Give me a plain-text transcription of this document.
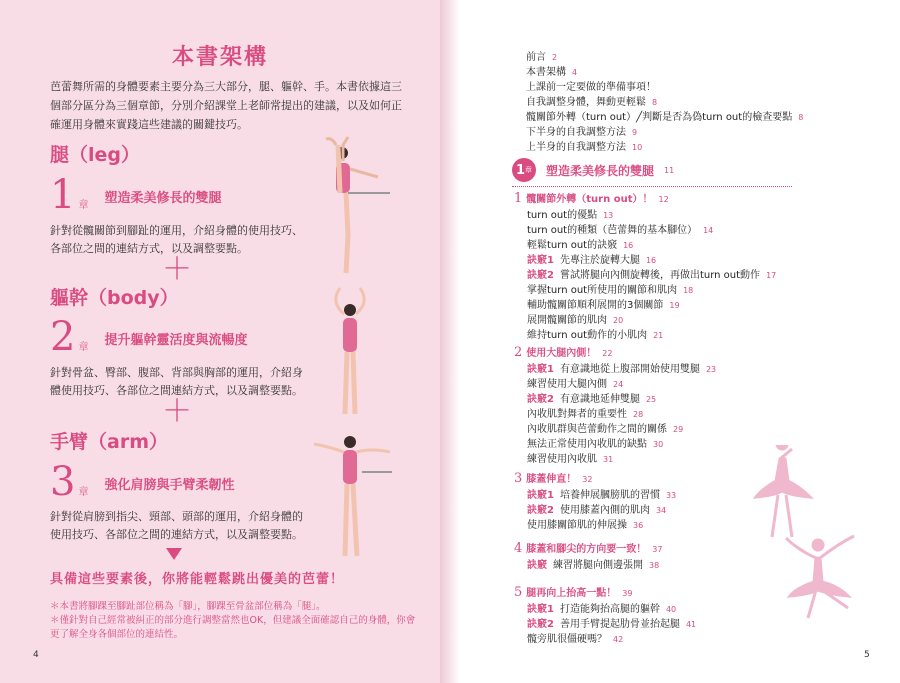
本書架構
芭蕾舞所需的身體要素主要分為三大部分，腿、軀幹、手。本書依據這三個部分區分為三個章節，分別介紹課堂上老師常提出的建議，以及如何正確運用身體來實踐這些建議的關鍵技巧。
腿（leg）
1 章 塑造柔美修長的雙腿
針對從髖關節到腳趾的運用，介紹身體的使用技巧、各部位之間的連結方式，以及調整要點。
＋
軀幹（body）
2 章 提升軀幹靈活度與流暢度
針對骨盆、臀部、腹部、背部與胸部的運用，介紹身體使用技巧、各部位之間連結方式，以及調整要點。
＋
手臂（arm）
3 章 強化肩膀與手臂柔韌性
針對從肩膀到指尖、頸部、頭部的運用，介紹身體的使用技巧、各部位之間的連結方式，以及調整要點。
具備這些要素後，你將能輕鬆跳出優美的芭蕾！
＊本書將腳踝至腳趾部位稱為「腳」，腳踝至骨盆部位稱為「腿」。
＊僅針對自己經常被糾正的部分進行調整當然也OK，但建議全面確認自己的身體，你會更了解全身各個部位的連結性。
4	5
前言 2
本書架構 4
上課前一定要做的準備事項！
自我調整身體，舞動更輕鬆 8
髖關節外轉（turn out）╱判斷是否為偽turn out的檢查要點 8
下半身的自我調整方法 9
上半身的自我調整方法 10
1 章 塑造柔美修長的雙腿 11
1 髖關節外轉（turn out）！ 12
turn out的優點 13
turn out的種類（芭蕾舞的基本腳位） 14
輕鬆turn out的訣竅 16
訣竅1 先專注於旋轉大腿 16
訣竅2 嘗試將腿向內側旋轉後，再做出turn out動作 17
掌握turn out所使用的關節和肌肉 18
輔助髖關節順利展開的3個關節 19
展開髖關節的肌肉 20
維持turn out動作的小肌肉 21
2 使用大腿內側！ 22
訣竅1 有意識地從上腹部開始使用雙腿 23
練習使用大腿內側 24
訣竅2 有意識地延伸雙腿 25
內收肌對舞者的重要性 28
內收肌群與芭蕾動作之間的關係 29
無法正常使用內收肌的缺點 30
練習使用內收肌 31
3 膝蓋伸直！ 32
訣竅1 培養伸展膕膀肌的習慣 33
訣竅2 使用膝蓋內側的肌肉 34
使用膝關節肌的伸展操 36
4 膝蓋和腳尖的方向要一致！ 37
訣竅 練習將腿向側邊張開 38
5 腿再向上抬高一點！ 39
訣竅1 打造能夠抬高腿的軀幹 40
訣竅2 善用手臂提起肋骨並抬起腿 41
髖旁肌很僵硬嗎？ 42
